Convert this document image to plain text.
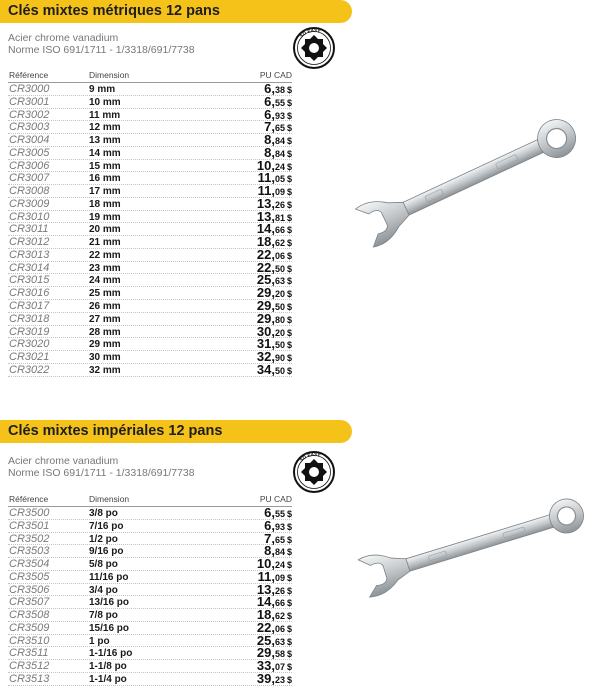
Clés mixtes métriques 12 pans
Acier chrome vanadium
Norme ISO 691/1711 - 1/3318/691/7738
SO EASY
Référence	Dimension	PU CAD
CR3000	9 mm	6,38 $
CR3001	10 mm	6,55 $
CR3002	11 mm	6,93 $
CR3003	12 mm	7,65 $
CR3004	13 mm	8,84 $
CR3005	14 mm	8,84 $
CR3006	15 mm	10,24 $
CR3007	16 mm	11,05 $
CR3008	17 mm	11,09 $
CR3009	18 mm	13,26 $
CR3010	19 mm	13,81 $
CR3011	20 mm	14,66 $
CR3012	21 mm	18,62 $
CR3013	22 mm	22,06 $
CR3014	23 mm	22,50 $
CR3015	24 mm	25,63 $
CR3016	25 mm	29,20 $
CR3017	26 mm	29,50 $
CR3018	27 mm	29,80 $
CR3019	28 mm	30,20 $
CR3020	29 mm	31,50 $
CR3021	30 mm	32,90 $
CR3022	32 mm	34,50 $
Clés mixtes impériales 12 pans
Acier chrome vanadium
Norme ISO 691/1711 - 1/3318/691/7738
SO EASY
Référence	Dimension	PU CAD
CR3500	3/8 po	6,55 $
CR3501	7/16 po	6,93 $
CR3502	1/2 po	7,65 $
CR3503	9/16 po	8,84 $
CR3504	5/8 po	10,24 $
CR3505	11/16 po	11,09 $
CR3506	3/4 po	13,26 $
CR3507	13/16 po	14,66 $
CR3508	7/8 po	18,62 $
CR3509	15/16 po	22,06 $
CR3510	1 po	25,63 $
CR3511	1-1/16 po	29,58 $
CR3512	1-1/8 po	33,07 $
CR3513	1-1/4 po	39,23 $
